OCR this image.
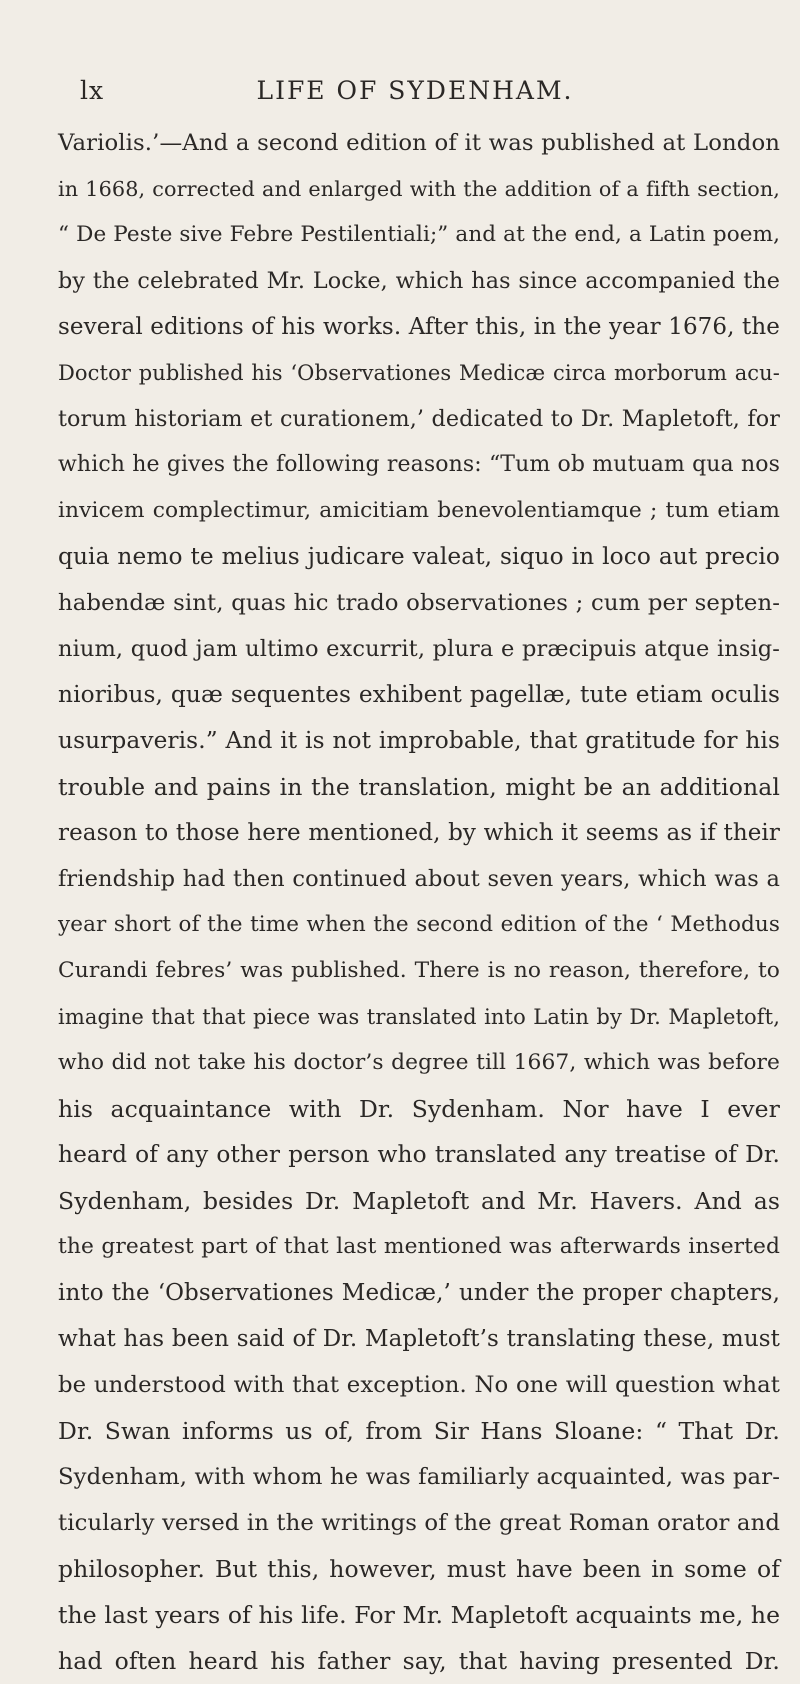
lx	LIFE OF SYDENHAM.
Variolis.’—And a second edition of it was published at London
in 1668, corrected and enlarged with the addition of a fifth section,
“ De Peste sive Febre Pestilentiali;” and at the end, a Latin poem,
by the celebrated Mr. Locke, which has since accompanied the
several editions of his works. After this, in the year 1676, the
Doctor published his ‘Observationes Medicæ circa morborum acu-
torum historiam et curationem,’ dedicated to Dr. Mapletoft, for
which he gives the following reasons: “Tum ob mutuam qua nos
invicem complectimur, amicitiam benevolentiamque ; tum etiam
quia nemo te melius judicare valeat, siquo in loco aut precio
habendæ sint, quas hic trado observationes ; cum per septen-
nium, quod jam ultimo excurrit, plura e præcipuis atque insig-
nioribus, quæ sequentes exhibent pagellæ, tute etiam oculis
usurpaveris.” And it is not improbable, that gratitude for his
trouble and pains in the translation, might be an additional
reason to those here mentioned, by which it seems as if their
friendship had then continued about seven years, which was a
year short of the time when the second edition of the ‘ Methodus
Curandi febres’ was published. There is no reason, therefore, to
imagine that that piece was translated into Latin by Dr. Mapletoft,
who did not take his doctor’s degree till 1667, which was before
his acquaintance with Dr. Sydenham. Nor have I ever
heard of any other person who translated any treatise of Dr.
Sydenham, besides Dr. Mapletoft and Mr. Havers. And as
the greatest part of that last mentioned was afterwards inserted
into the ‘Observationes Medicæ,’ under the proper chapters,
what has been said of Dr. Mapletoft’s translating these, must
be understood with that exception. No one will question what
Dr. Swan informs us of, from Sir Hans Sloane: “ That Dr.
Sydenham, with whom he was familiarly acquainted, was par-
ticularly versed in the writings of the great Roman orator and
philosopher. But this, however, must have been in some of
the last years of his life. For Mr. Mapletoft acquaints me, he
had often heard his father say, that having presented Dr.
